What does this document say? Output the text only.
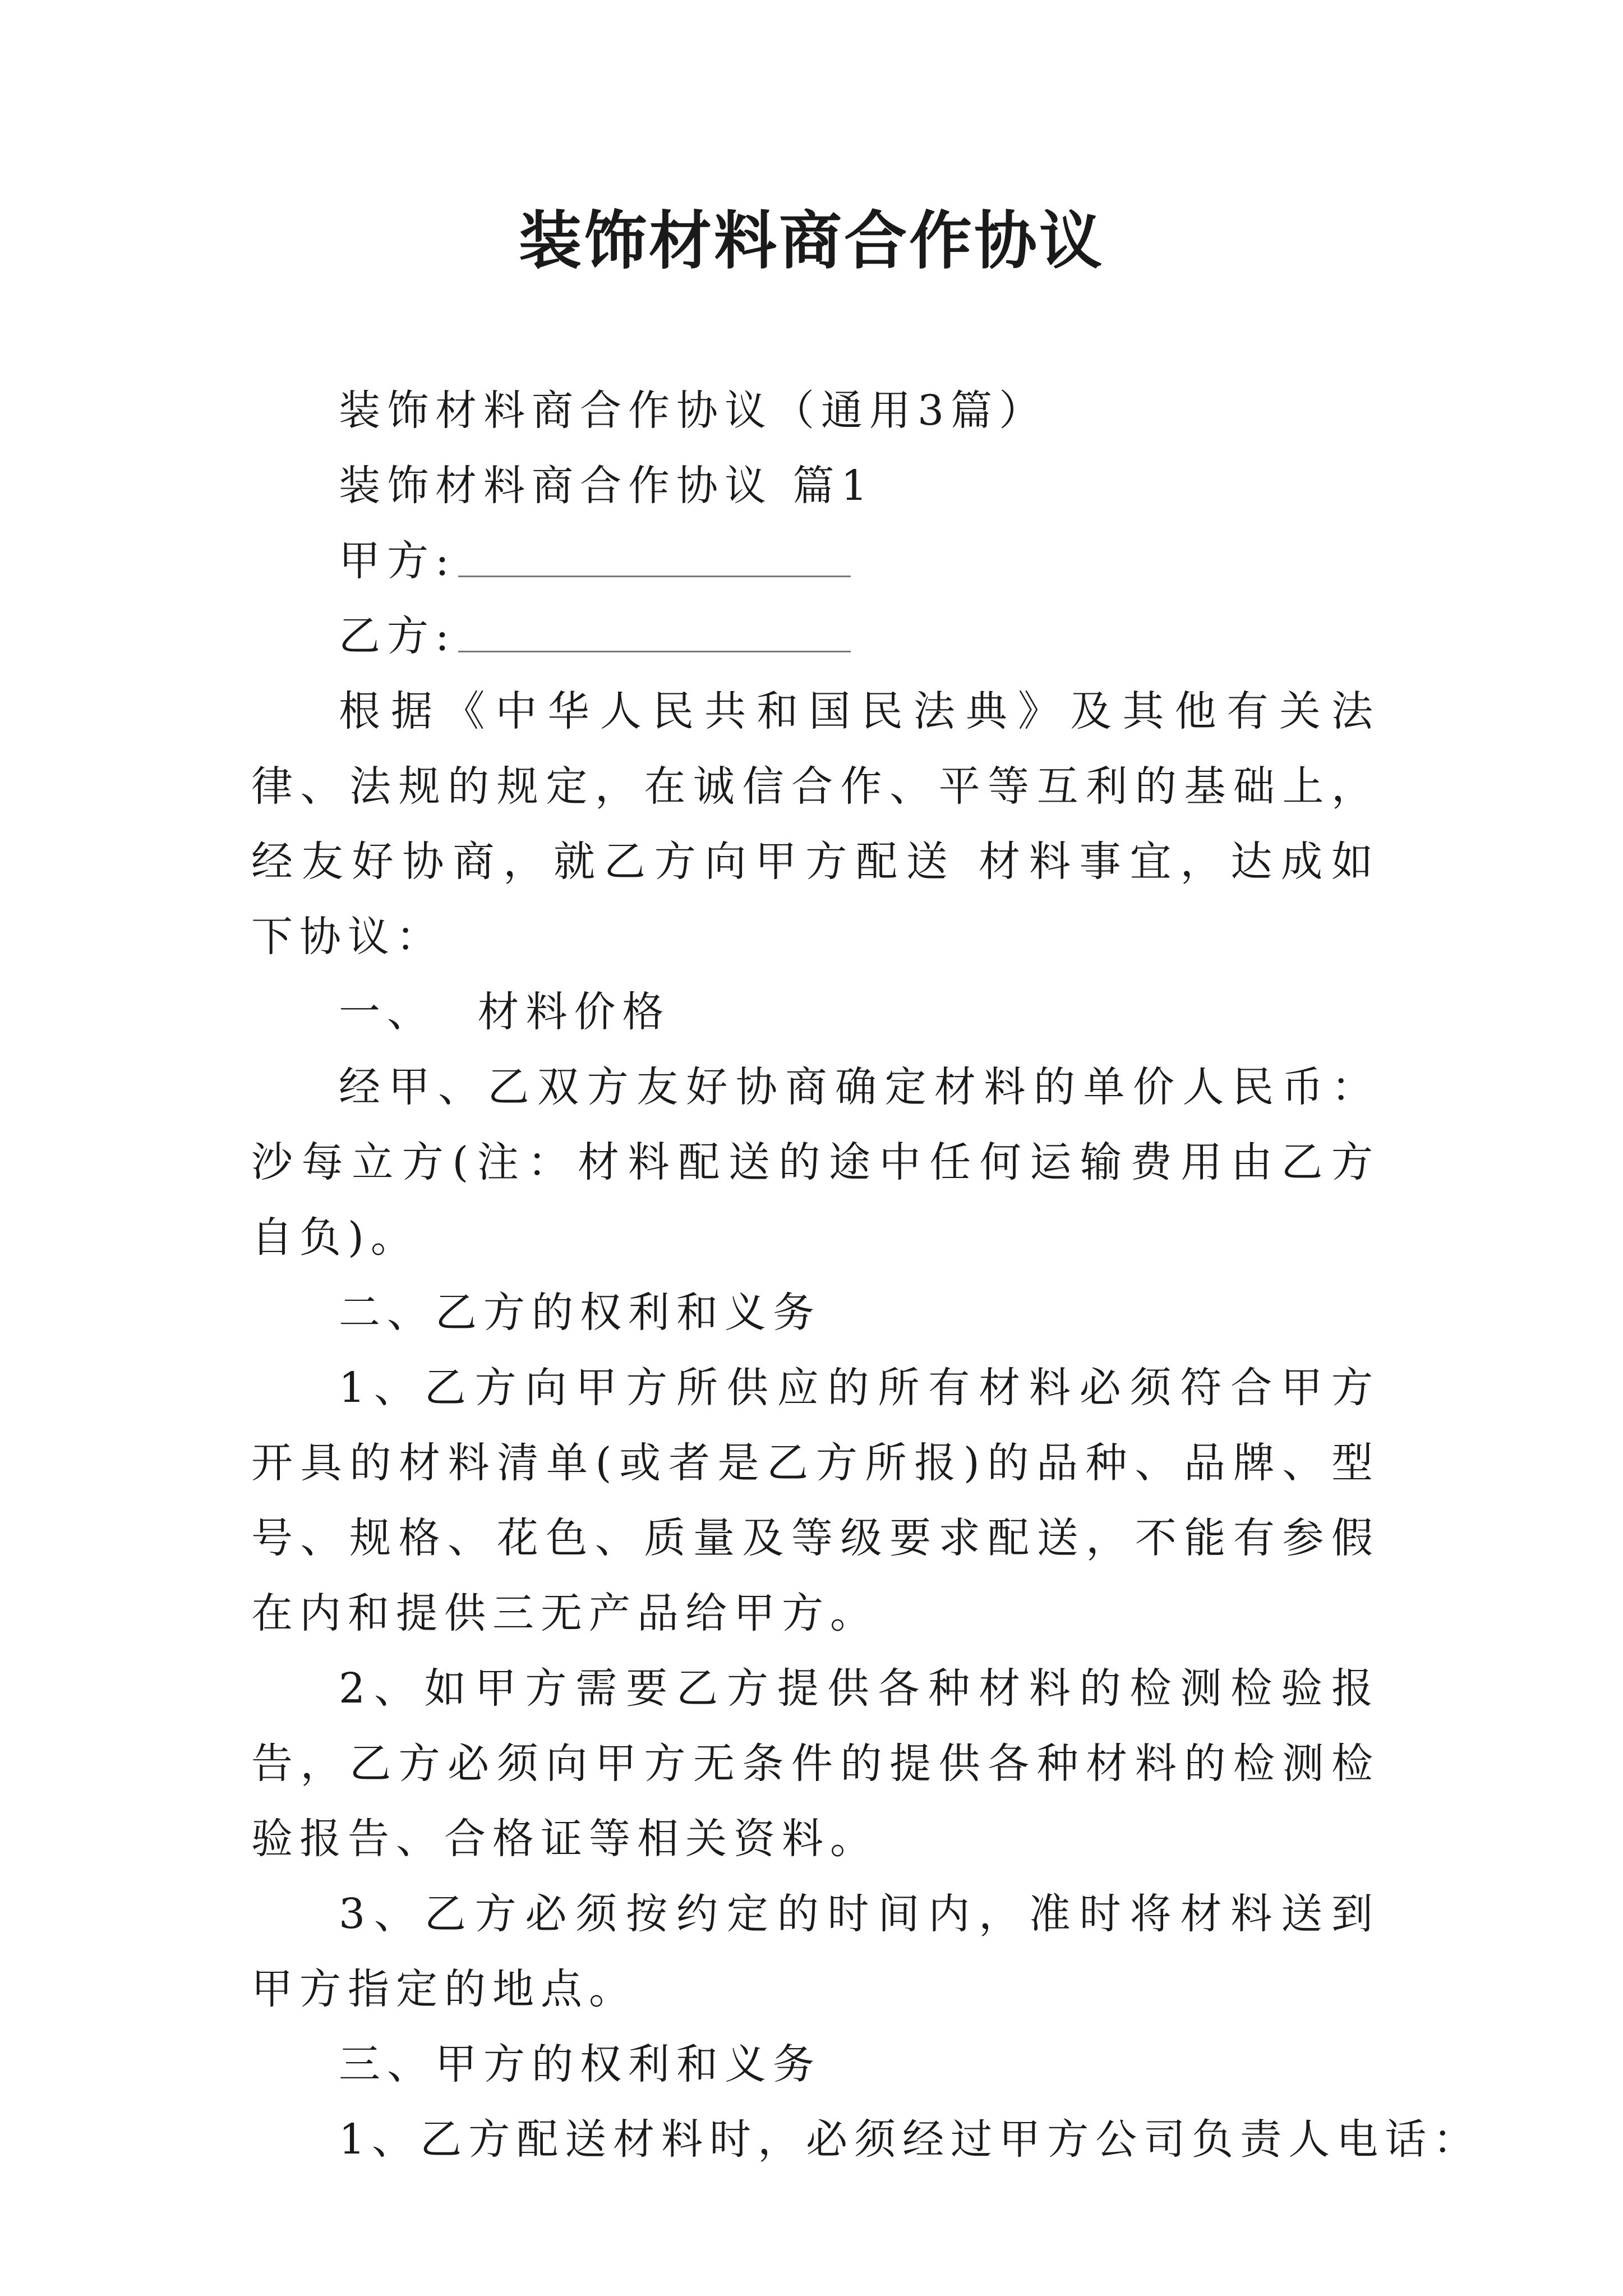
装饰材料商合作协议

装饰材料商合作协议（通用3篇）

装饰材料商合作协议 篇1

甲方:

乙方:

根据《中华人民共和国民法典》及其他有关法律、法规的规定，在诚信合作、平等互利的基础上，经友好协商，就乙方向甲方配送 材料事宜，达成如下协议：

一、 材料价格

经甲、乙双方友好协商确定材料的单价人民币：沙每立方(注：材料配送的途中任何运输费用由乙方自负)。

二、乙方的权利和义务

1、乙方向甲方所供应的所有材料必须符合甲方开具的材料清单(或者是乙方所报)的品种、品牌、型号、规格、花色、质量及等级要求配送，不能有参假在内和提供三无产品给甲方。

2、如甲方需要乙方提供各种材料的检测检验报告，乙方必须向甲方无条件的提供各种材料的检测检验报告、合格证等相关资料。

3、乙方必须按约定的时间内，准时将材料送到甲方指定的地点。

三、甲方的权利和义务

1、乙方配送材料时，必须经过甲方公司负责人电话：
